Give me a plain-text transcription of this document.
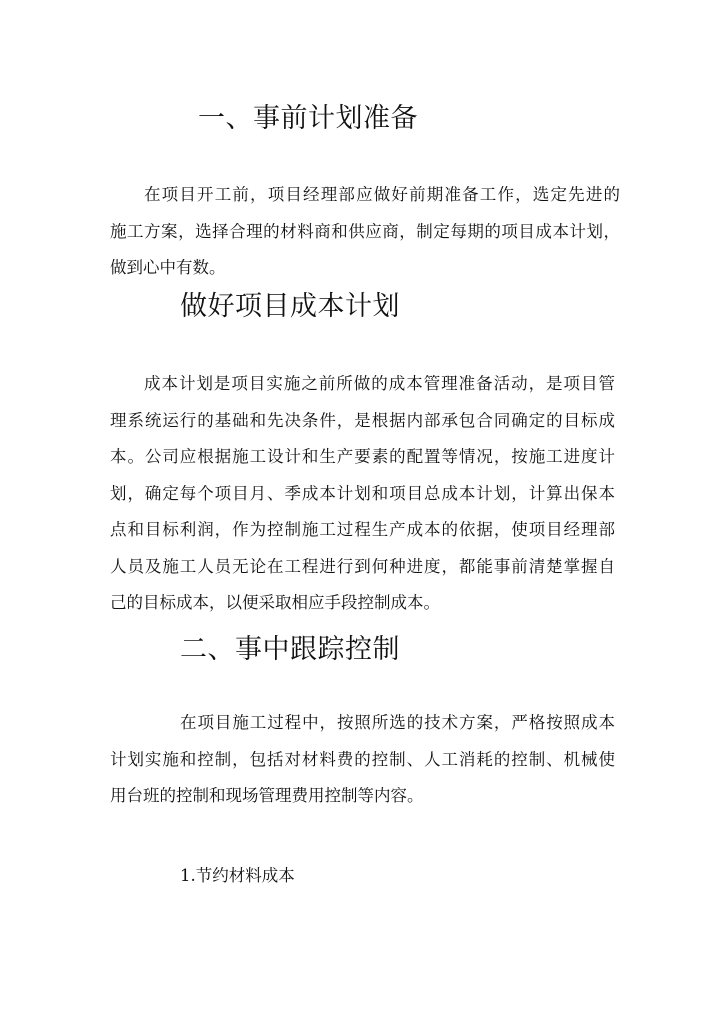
一、事前计划准备
在项目开工前，项目经理部应做好前期准备工作，选定先进的
施工方案，选择合理的材料商和供应商，制定每期的项目成本计划，
做到心中有数。
做好项目成本计划
成本计划是项目实施之前所做的成本管理准备活动，是项目管
理系统运行的基础和先决条件，是根据内部承包合同确定的目标成
本。公司应根据施工设计和生产要素的配置等情况，按施工进度计
划，确定每个项目月、季成本计划和项目总成本计划，计算出保本
点和目标利润，作为控制施工过程生产成本的依据，使项目经理部
人员及施工人员无论在工程进行到何种进度，都能事前清楚掌握自
己的目标成本，以便采取相应手段控制成本。
二、事中跟踪控制
在项目施工过程中，按照所选的技术方案，严格按照成本
计划实施和控制，包括对材料费的控制、人工消耗的控制、机械使
用台班的控制和现场管理费用控制等内容。
1.节约材料成本
